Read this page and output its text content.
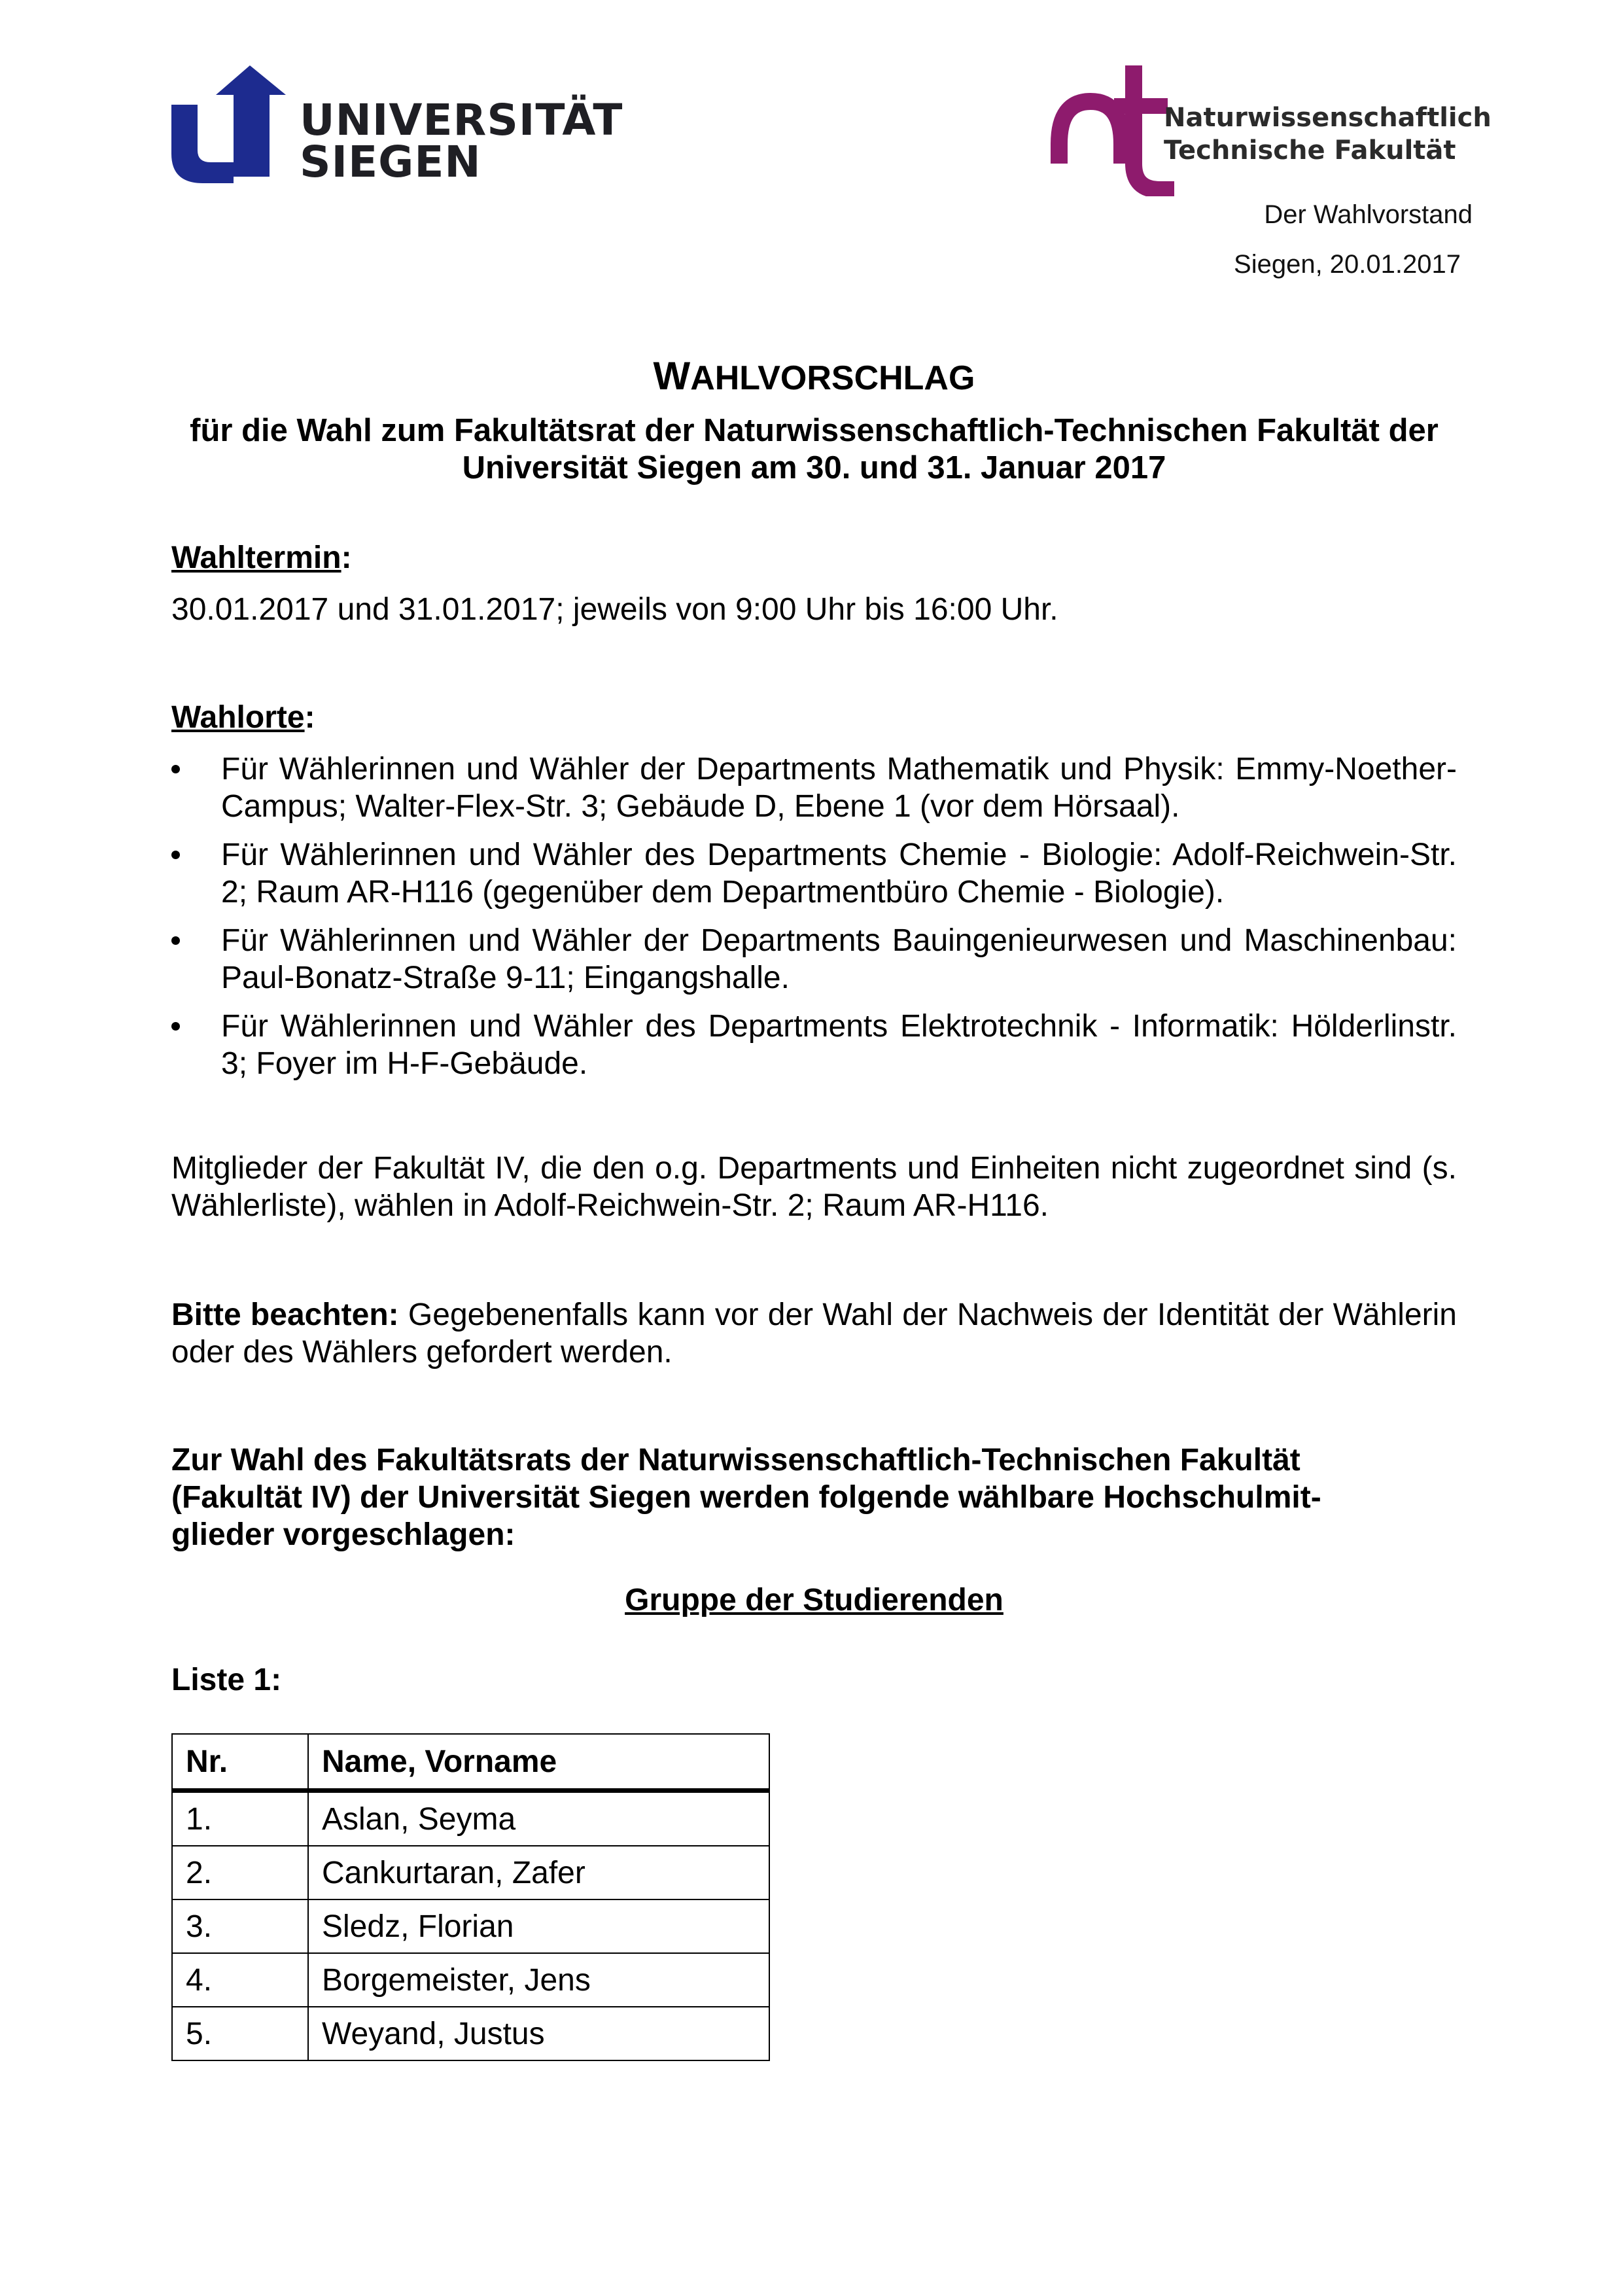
UNIVERSITÄT
SIEGEN
Naturwissenschaftlich
Technische Fakultät
Der Wahlvorstand
Siegen, 20.01.2017
WAHLVORSCHLAG

für die Wahl zum Fakultätsrat der Naturwissenschaftlich-Technischen Fakultät der Universität Siegen am 30. und 31. Januar 2017

Wahltermin:

30.01.2017 und 31.01.2017; jeweils von 9:00 Uhr bis 16:00 Uhr.

Wahlorte:

Für Wählerinnen und Wähler der Departments Mathematik und Physik: Emmy-Noether-Campus; Walter-Flex-Str. 3; Gebäude D, Ebene 1 (vor dem Hörsaal).
Für Wählerinnen und Wähler des Departments Chemie - Biologie: Adolf-Reichwein-Str. 2; Raum AR-H116 (gegenüber dem Departmentbüro Chemie - Biologie).
Für Wählerinnen und Wähler der Departments Bauingenieurwesen und Maschinenbau: Paul-Bonatz-Straße 9-11; Eingangshalle.
Für Wählerinnen und Wähler des Departments Elektrotechnik - Informatik: Hölderlinstr. 3; Foyer im H-F-Gebäude.

Mitglieder der Fakultät IV, die den o.g. Departments und Einheiten nicht zugeordnet sind (s. Wählerliste), wählen in Adolf-Reichwein-Str. 2; Raum AR-H116.

Bitte beachten: Gegebenenfalls kann vor der Wahl der Nachweis der Identität der Wählerin oder des Wählers gefordert werden.

Zur Wahl des Fakultätsrats der Naturwissenschaftlich-Technischen Fakultät (Fakultät IV) der Universität Siegen werden folgende wählbare Hochschulmit-glieder vorgeschlagen:

Gruppe der Studierenden

Liste 1:

Nr.	Name, Vorname
1.	Aslan, Seyma
2.	Cankurtaran, Zafer
3.	Sledz, Florian
4.	Borgemeister, Jens
5.	Weyand, Justus
